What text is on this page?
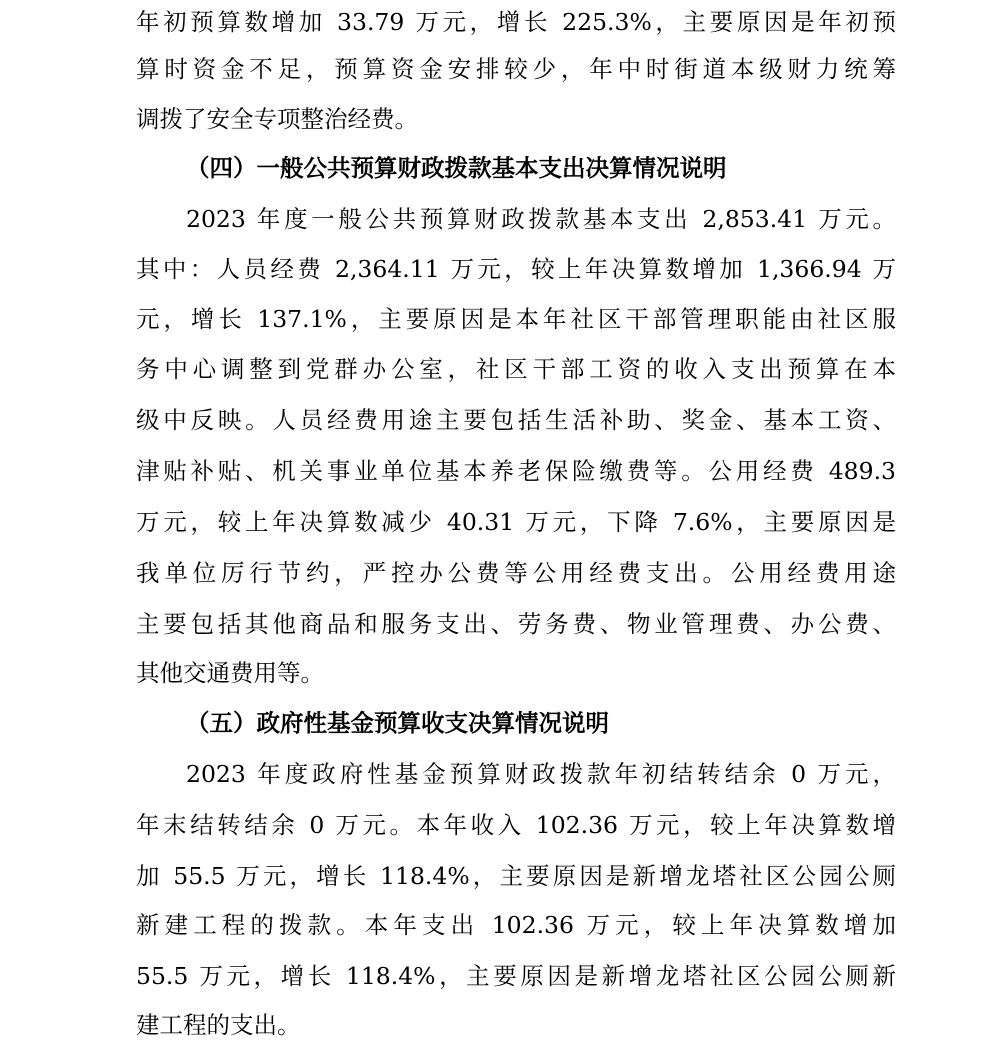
年初预算数增加 33.79 万元，增长 225.3%，主要原因是年初预
算时资金不足，预算资金安排较少，年中时街道本级财力统筹
调拨了安全专项整治经费。
（四）一般公共预算财政拨款基本支出决算情况说明
2023 年度一般公共预算财政拨款基本支出 2,853.41 万元。
其中：人员经费 2,364.11 万元，较上年决算数增加 1,366.94 万
元，增长 137.1%，主要原因是本年社区干部管理职能由社区服
务中心调整到党群办公室，社区干部工资的收入支出预算在本
级中反映。人员经费用途主要包括生活补助、奖金、基本工资、
津贴补贴、机关事业单位基本养老保险缴费等。公用经费 489.3
万元，较上年决算数减少 40.31 万元，下降 7.6%，主要原因是
我单位厉行节约，严控办公费等公用经费支出。公用经费用途
主要包括其他商品和服务支出、劳务费、物业管理费、办公费、
其他交通费用等。
（五）政府性基金预算收支决算情况说明
2023 年度政府性基金预算财政拨款年初结转结余 0 万元，
年末结转结余 0 万元。本年收入 102.36 万元，较上年决算数增
加 55.5 万元，增长 118.4%，主要原因是新增龙塔社区公园公厕
新建工程的拨款。本年支出 102.36 万元，较上年决算数增加
55.5 万元，增长 118.4%，主要原因是新增龙塔社区公园公厕新
建工程的支出。
